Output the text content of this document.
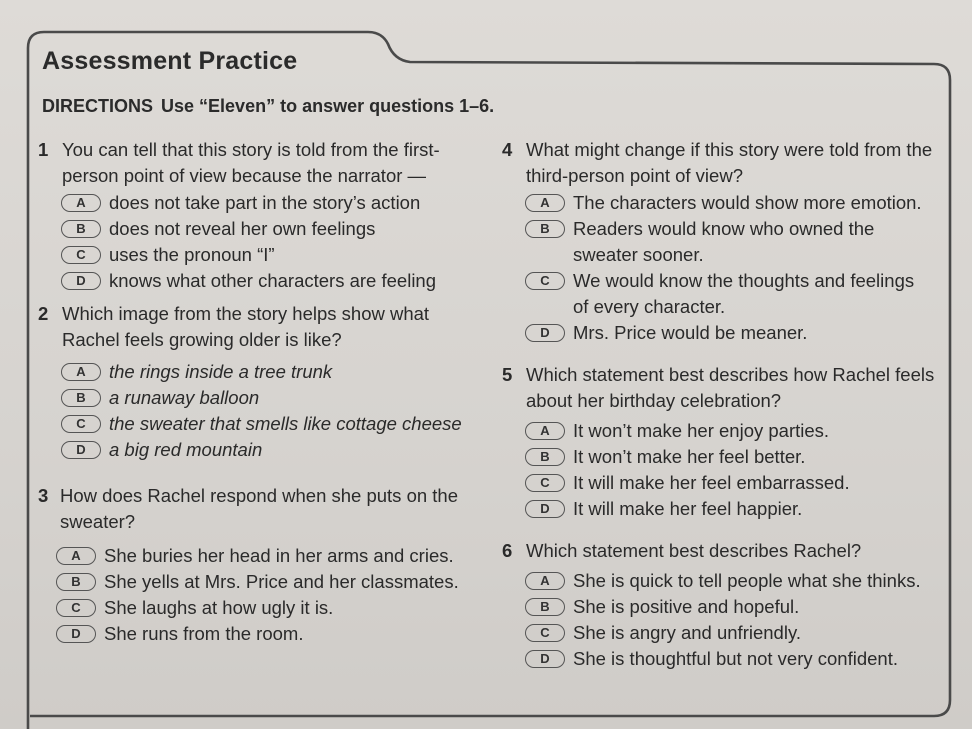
Assessment Practice
DIRECTIONS Use “Eleven” to answer questions 1–6.
1 You can tell that this story is told from the first-person point of view because the narrator —
A	does not take part in the story’s action
B	does not reveal her own feelings
C	uses the pronoun “I”
D	knows what other characters are feeling
2 Which image from the story helps show what Rachel feels growing older is like?
A	the rings inside a tree trunk
B	a runaway balloon
C	the sweater that smells like cottage cheese
D	a big red mountain
3 How does Rachel respond when she puts on the sweater?
A	She buries her head in her arms and cries.
B	She yells at Mrs. Price and her classmates.
C	She laughs at how ugly it is.
D	She runs from the room.
4 What might change if this story were told from the third-person point of view?
A	The characters would show more emotion.
B	Readers would know who owned the sweater sooner.
C	We would know the thoughts and feelings of every character.
D	Mrs. Price would be meaner.
5 Which statement best describes how Rachel feels about her birthday celebration?
A	It won’t make her enjoy parties.
B	It won’t make her feel better.
C	It will make her feel embarrassed.
D	It will make her feel happier.
6 Which statement best describes Rachel?
A	She is quick to tell people what she thinks.
B	She is positive and hopeful.
C	She is angry and unfriendly.
D	She is thoughtful but not very confident.
